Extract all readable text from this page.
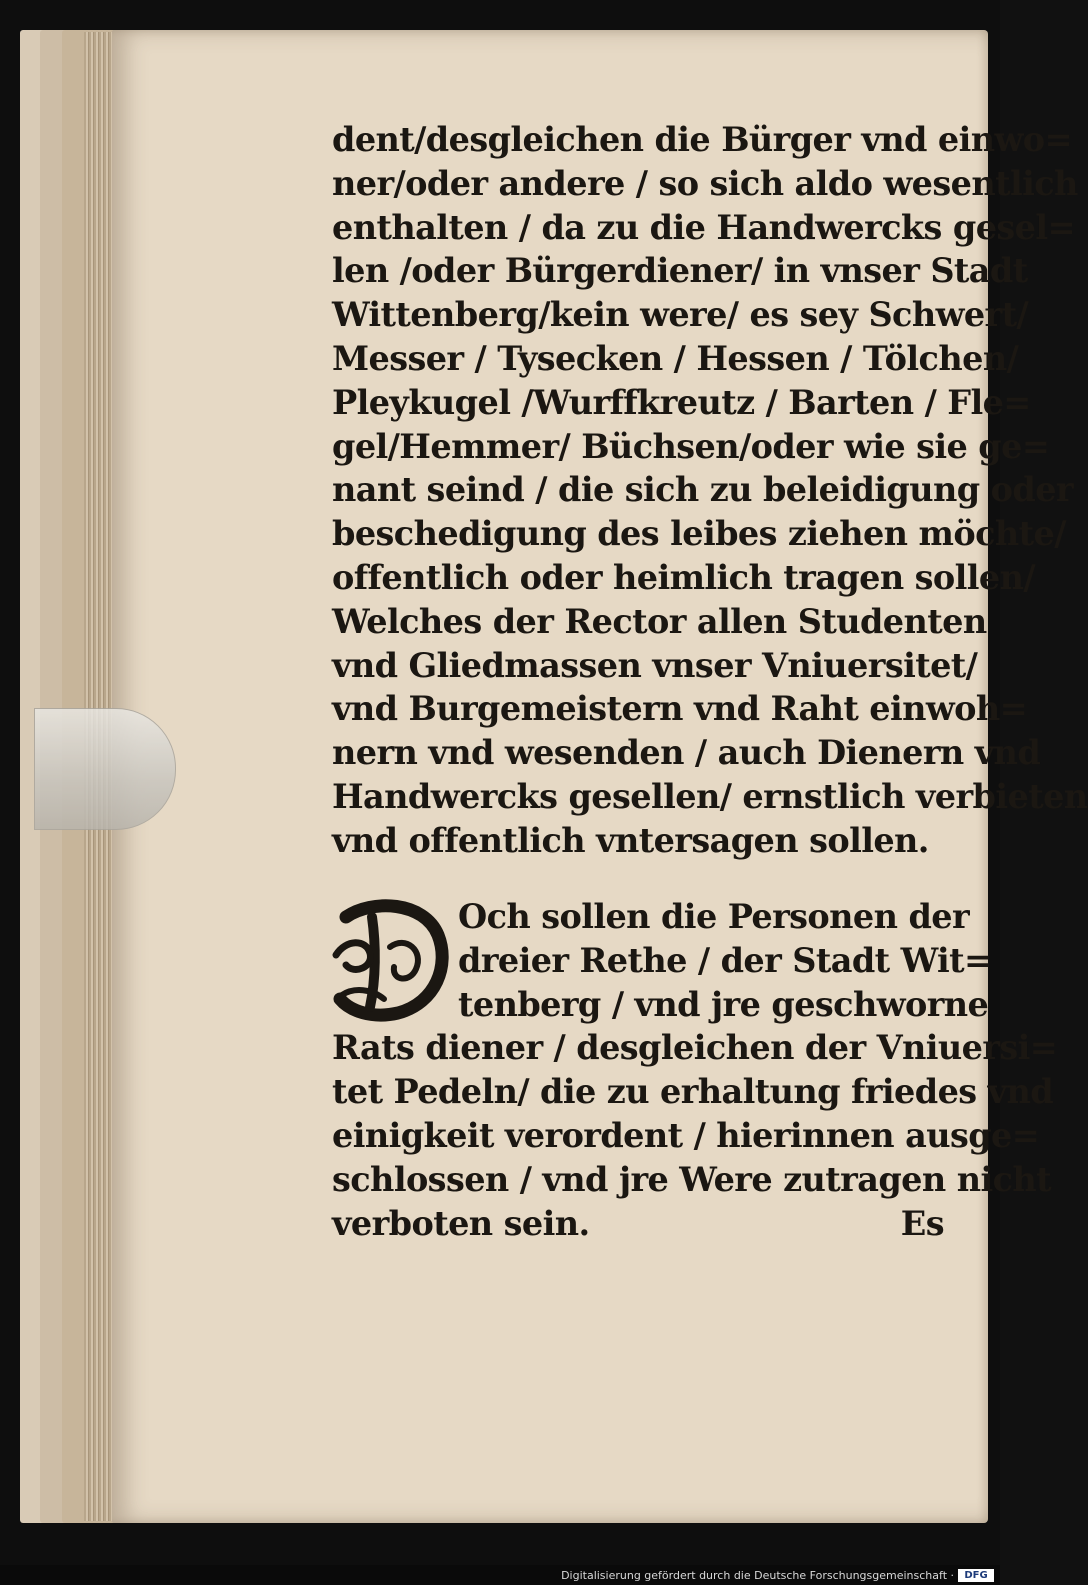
dent/desgleichen die Bürger vnd einwo=
ner/oder andere / so sich aldo wesentlich
enthalten / da zu die Handwercks gesel=
len /oder Bürgerdiener/ in vnser Stadt
Wittenberg/kein were/ es sey Schwert/
Messer / Tysecken / Hessen / Tölchen/
Pleykugel /Wurffkreutz / Barten / Fle=
gel/Hemmer/ Büchsen/oder wie sie ge=
nant seind / die sich zu beleidigung oder
beschedigung des leibes ziehen möchte/
offentlich oder heimlich tragen sollen/
Welches der Rector allen Studenten
vnd Gliedmassen vnser Vniuersitet/
vnd Burgemeistern vnd Raht einwoh=
nern vnd wesenden / auch Dienern vnd
Handwercks gesellen/ ernstlich verbieten
vnd offentlich vntersagen sollen.
D
Och sollen die Personen der
dreier Rethe / der Stadt Wit=
tenberg / vnd jre geschworne
Rats diener / desgleichen der Vniuersi=
tet Pedeln/ die zu erhaltung friedes vnd
einigkeit verordent / hierinnen ausge=
schlossen / vnd jre Were zutragen nicht
verboten sein.	Es
Digitalisierung gefördert durch die Deutsche Forschungsgemeinschaft ·	DFG
